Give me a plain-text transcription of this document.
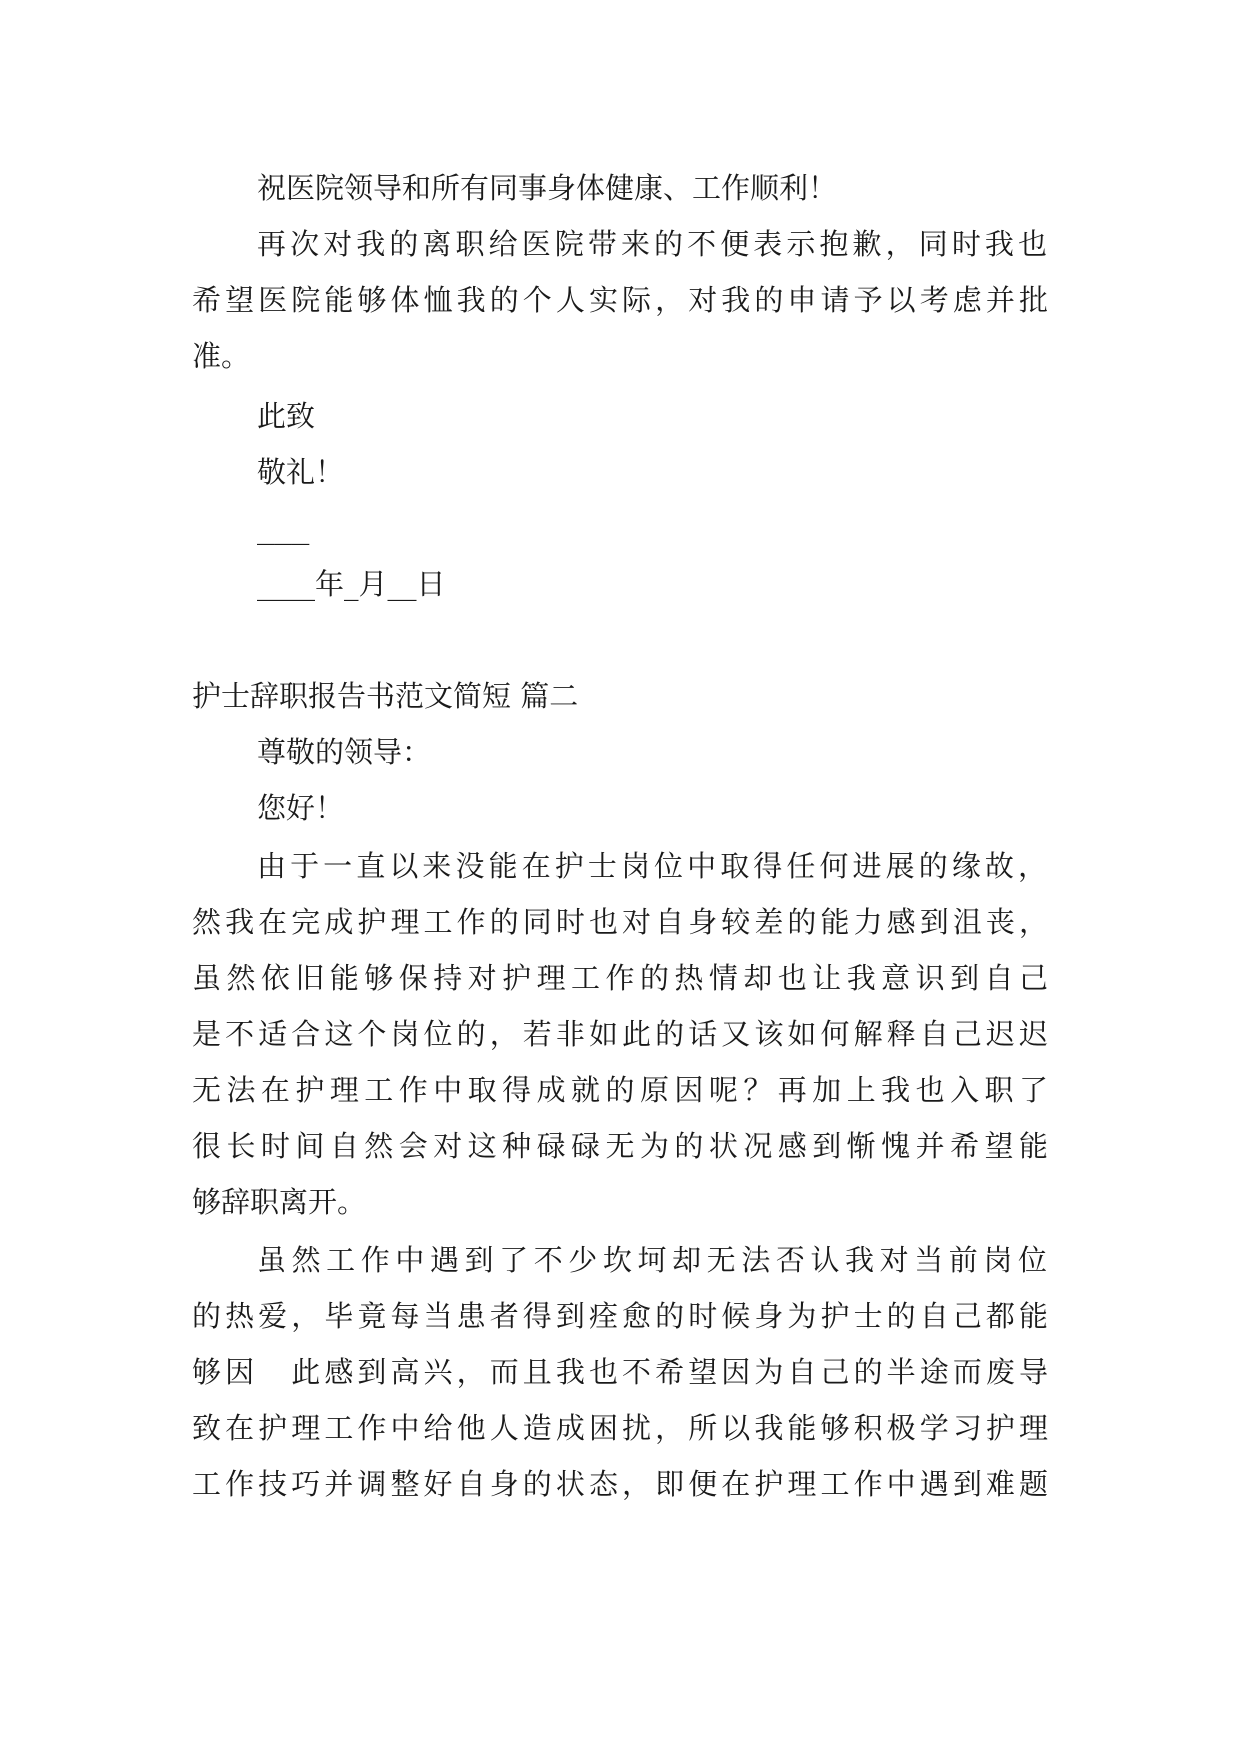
祝医院领导和所有同事身体健康、工作顺利！
再次对我的离职给医院带来的不便表示抱歉，同时我也
希望医院能够体恤我的个人实际，对我的申请予以考虑并批
准。
此致
敬礼！
___
____年_月__日
护士辞职报告书范文简短 篇二
尊敬的领导：
您好！
由于一直以来没能在护士岗位中取得任何进展的缘故，
然我在完成护理工作的同时也对自身较差的能力感到沮丧，
虽然依旧能够保持对护理工作的热情却也让我意识到自己
是不适合这个岗位的，若非如此的话又该如何解释自己迟迟
无法在护理工作中取得成就的原因呢？再加上我也入职了
很长时间自然会对这种碌碌无为的状况感到惭愧并希望能
够辞职离开。
虽然工作中遇到了不少坎坷却无法否认我对当前岗位
的热爱，毕竟每当患者得到痊愈的时候身为护士的自己都能
够因　此感到高兴，而且我也不希望因为自己的半途而废导
致在护理工作中给他人造成困扰，所以我能够积极学习护理
工作技巧并调整好自身的状态，即便在护理工作中遇到难题
